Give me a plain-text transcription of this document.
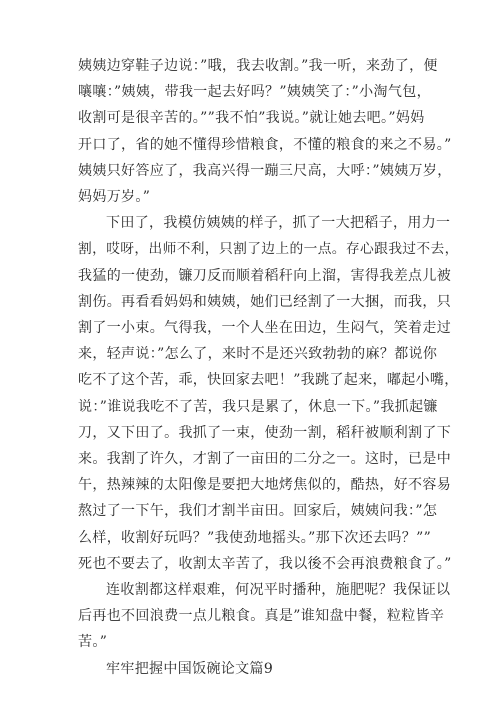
姨姨边穿鞋子边说：”哦，我去收割。”我一听，来劲了，便
嚷嚷：”姨姨，带我一起去好吗？”姨姨笑了：”小淘气包，
收割可是很辛苦的。””我不怕”我说。”就让她去吧。”妈妈
开口了，省的她不懂得珍惜粮食，不懂的粮食的来之不易。”
姨姨只好答应了，我高兴得一蹦三尺高，大呼：”姨姨万岁，
妈妈万岁。”
下田了，我模仿姨姨的样子，抓了一大把稻子，用力一
割，哎呀，出师不利，只割了边上的一点。存心跟我过不去，
我猛的一使劲，镰刀反而顺着稻秆向上溜，害得我差点儿被
割伤。再看看妈妈和姨姨，她们已经割了一大捆，而我，只
割了一小束。气得我，一个人坐在田边，生闷气，笑着走过
来，轻声说：”怎么了，来时不是还兴致勃勃的麻？都说你
吃不了这个苦，乖，快回家去吧！”我跳了起来，嘟起小嘴，
说：”谁说我吃不了苦，我只是累了，休息一下。”我抓起镰
刀，又下田了。我抓了一束，使劲一割，稻秆被顺利割了下
来。我割了许久，才割了一亩田的二分之一。这时，已是中
午，热辣辣的太阳像是要把大地烤焦似的，酷热，好不容易
熬过了一下午，我们才割半亩田。回家后，姨姨问我：”怎
么样，收割好玩吗？”我使劲地摇头。”那下次还去吗？””
死也不要去了，收割太辛苦了，我以後不会再浪费粮食了。”
连收割都这样艰难，何况平时播种，施肥呢？我保证以
后再也不回浪费一点儿粮食。真是”谁知盘中餐，粒粒皆辛
苦。”
牢牢把握中国饭碗论文篇9
